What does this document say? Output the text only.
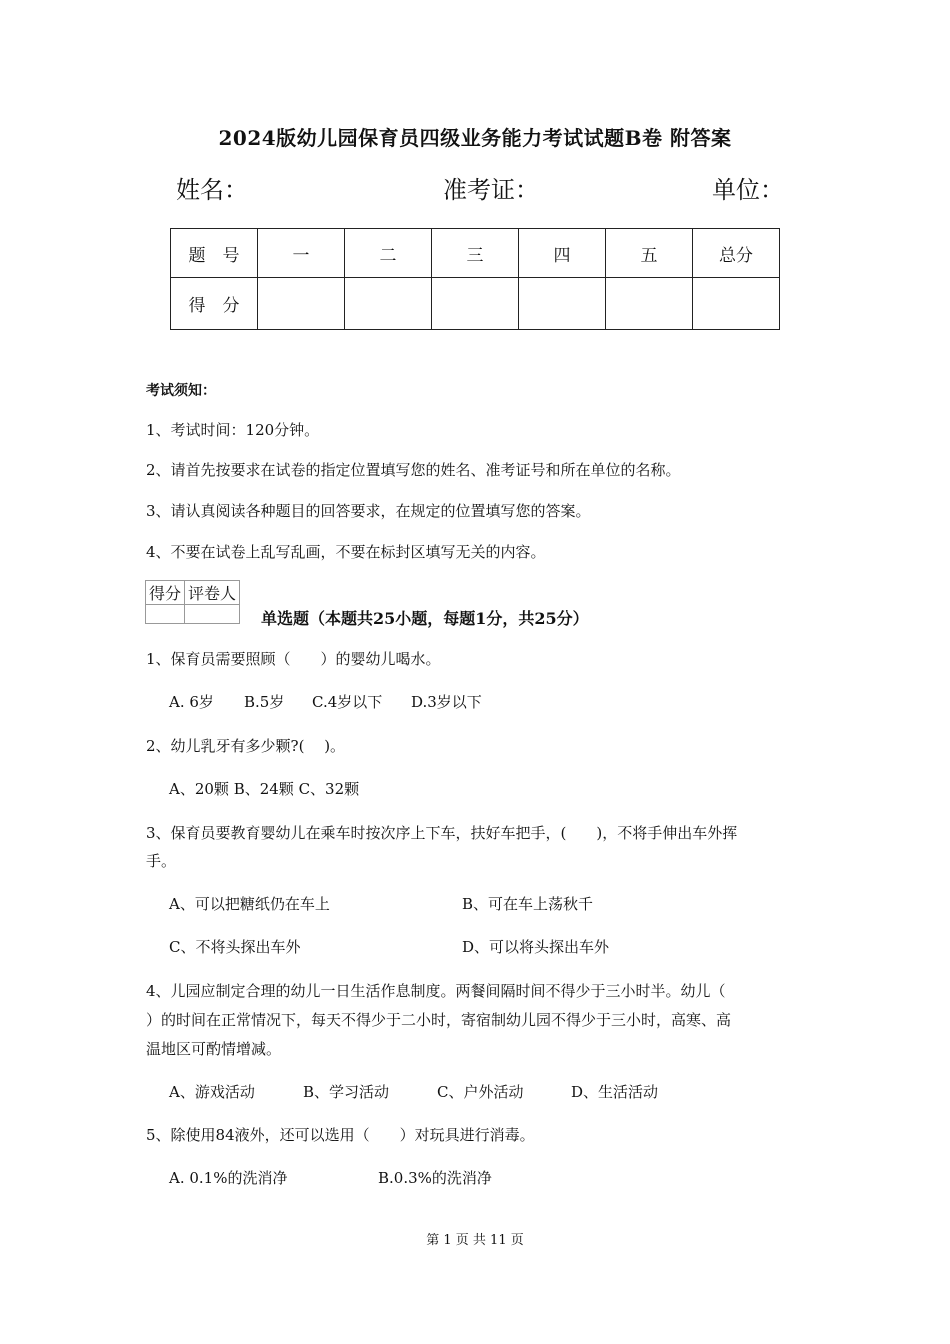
2024版幼儿园保育员四级业务能力考试试题B卷 附答案
姓名：	准考证：	单位：
题　号	一	二	三	四	五	总分
得　分						
考试须知：
1、考试时间：120分钟。
2、请首先按要求在试卷的指定位置填写您的姓名、准考证号和所在单位的名称。
3、请认真阅读各种题目的回答要求，在规定的位置填写您的答案。
4、不要在试卷上乱写乱画，不要在标封区填写无关的内容。
得分	评卷人

单选题（本题共25小题，每题1分，共25分）
1、保育员需要照顾（　　）的婴幼儿喝水。
A. 6岁 B.5岁 C.4岁以下 D.3岁以下
2、幼儿乳牙有多少颗?(　 )。
A、20颗 B、24颗 C、32颗
3、保育员要教育婴幼儿在乘车时按次序上下车，扶好车把手，(　　)，不将手伸出车外挥
手。
A、可以把糖纸仍在车上	B、可在车上荡秋千
C、不将头探出车外	D、可以将头探出车外
4、儿园应制定合理的幼儿一日生活作息制度。两餐间隔时间不得少于三小时半。幼儿（
）的时间在正常情况下，每天不得少于二小时，寄宿制幼儿园不得少于三小时，高寒、高
温地区可酌情增减。
A、游戏活动	B、学习活动	C、户外活动	D、生活活动
5、除使用84液外，还可以选用（　　）对玩具进行消毒。
A. 0.1%的洗消净	B.0.3%的洗消净
第 1 页 共 11 页
